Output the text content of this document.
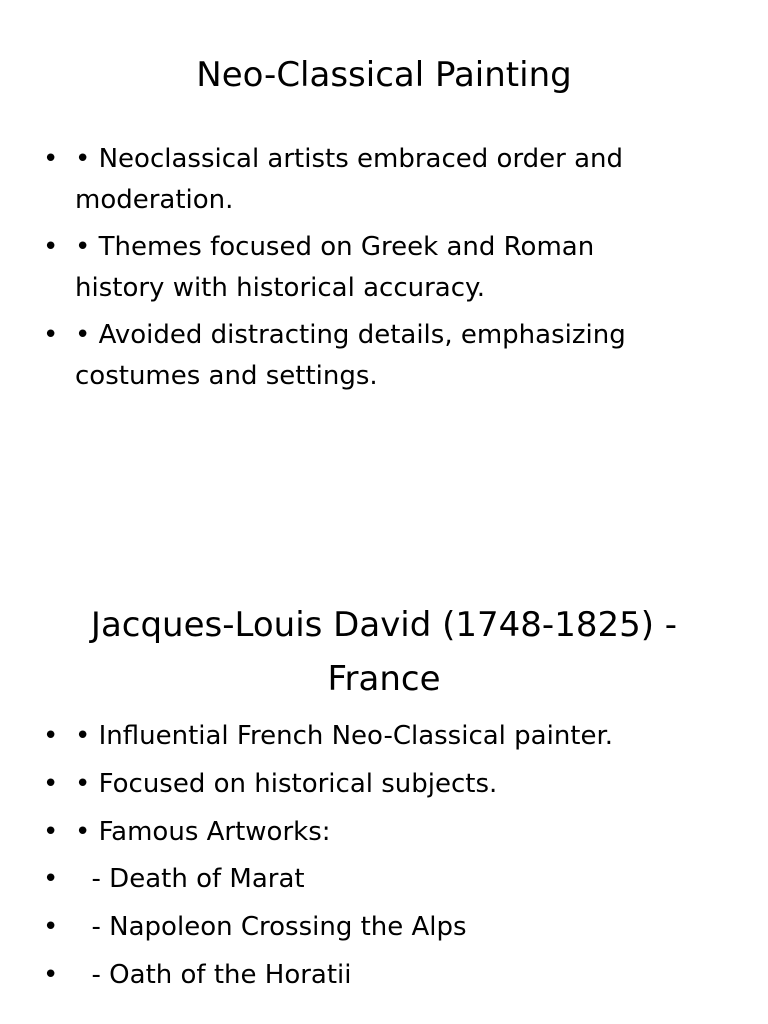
Neo-Classical Painting
• • Neoclassical artists embraced order and moderation.
• • Themes focused on Greek and Roman history with historical accuracy.
• • Avoided distracting details, emphasizing costumes and settings.
Jacques-Louis David (1748-1825) - France
• • Influential French Neo-Classical painter.
• • Focused on historical subjects.
• • Famous Artworks:
• - Death of Marat
• - Napoleon Crossing the Alps
• - Oath of the Horatii
